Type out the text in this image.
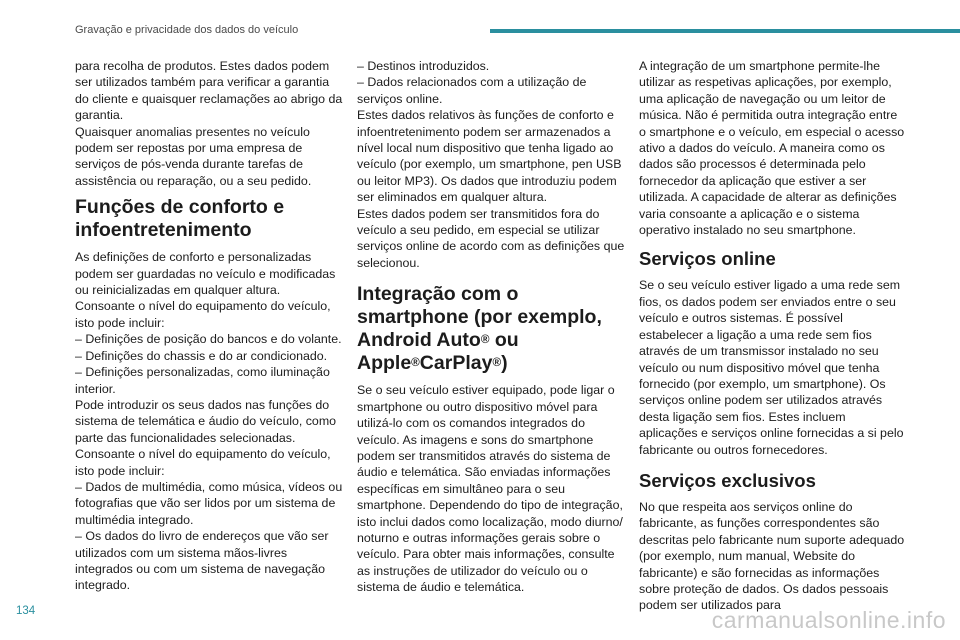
Gravação e privacidade dos dados do veículo

para recolha de produtos. Estes dados podem ser utilizados também para verificar a garantia do cliente e quaisquer reclamações ao abrigo da garantia.

Quaisquer anomalias presentes no veículo podem ser repostas por uma empresa de serviços de pós-venda durante tarefas de assistência ou reparação, ou a seu pedido.

Funções de conforto e infoentretenimento

As definições de conforto e personalizadas podem ser guardadas no veículo e modificadas ou reinicializadas em qualquer altura.

Consoante o nível do equipamento do veículo, isto pode incluir:

– Definições de posição do bancos e do volante.

– Definições do chassis e do ar condicionado.

– Definições personalizadas, como iluminação interior.

Pode introduzir os seus dados nas funções do sistema de telemática e áudio do veículo, como parte das funcionalidades selecionadas.

Consoante o nível do equipamento do veículo, isto pode incluir:

– Dados de multimédia, como música, vídeos ou fotografias que vão ser lidos por um sistema de multimédia integrado.

– Os dados do livro de endereços que vão ser utilizados com um sistema mãos-livres integrados ou com um sistema de navegação integrado.

– Destinos introduzidos.

– Dados relacionados com a utilização de serviços online.

Estes dados relativos às funções de conforto e infoentretenimento podem ser armazenados a nível local num dispositivo que tenha ligado ao veículo (por exemplo, um smartphone, pen USB ou leitor MP3). Os dados que introduziu podem ser eliminados em qualquer altura.

Estes dados podem ser transmitidos fora do veículo a seu pedido, em especial se utilizar serviços online de acordo com as definições que selecionou.

Integração com o smartphone (por exemplo, Android Auto® ou Apple®CarPlay®)

Se o seu veículo estiver equipado, pode ligar o smartphone ou outro dispositivo móvel para utilizá-lo com os comandos integrados do veículo. As imagens e sons do smartphone podem ser transmitidos através do sistema de áudio e telemática. São enviadas informações específicas em simultâneo para o seu smartphone. Dependendo do tipo de integração, isto inclui dados como localização, modo diurno/ noturno e outras informações gerais sobre o veículo. Para obter mais informações, consulte as instruções de utilizador do veículo ou o sistema de áudio e telemática.

A integração de um smartphone permite-lhe utilizar as respetivas aplicações, por exemplo, uma aplicação de navegação ou um leitor de música. Não é permitida outra integração entre o smartphone e o veículo, em especial o acesso ativo a dados do veículo. A maneira como os dados são processos é determinada pelo fornecedor da aplicação que estiver a ser utilizada. A capacidade de alterar as definições varia consoante a aplicação e o sistema operativo instalado no seu smartphone.

Serviços online

Se o seu veículo estiver ligado a uma rede sem fios, os dados podem ser enviados entre o seu veículo e outros sistemas. É possível estabelecer a ligação a uma rede sem fios através de um transmissor instalado no seu veículo ou num dispositivo móvel que tenha fornecido (por exemplo, um smartphone). Os serviços online podem ser utilizados através desta ligação sem fios. Estes incluem aplicações e serviços online fornecidas a si pelo fabricante ou outros fornecedores.

Serviços exclusivos

No que respeita aos serviços online do fabricante, as funções correspondentes são descritas pelo fabricante num suporte adequado (por exemplo, num manual, Website do fabricante) e são fornecidas as informações sobre proteção de dados. Os dados pessoais podem ser utilizados para

134	carmanualsonline.info
